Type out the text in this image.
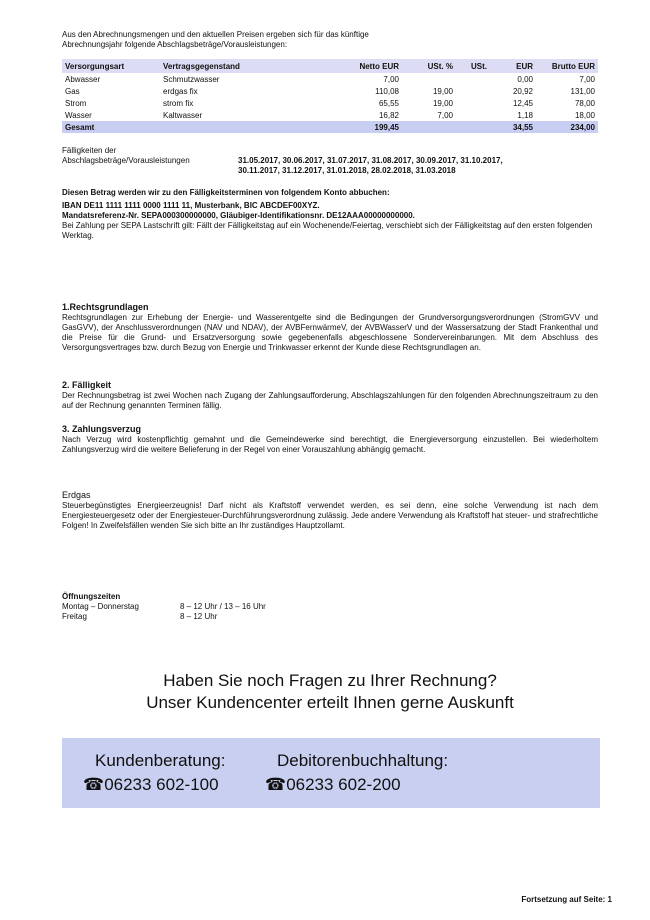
Aus den Abrechnungsmengen und den aktuellen Preisen ergeben sich für das künftige
Abrechnungsjahr folgende Abschlagsbeträge/Vorausleistungen:
Versorgungsart	Vertragsgegenstand	Netto EUR	USt. %	USt.	EUR	Brutto EUR
Abwasser	Schmutzwasser	7,00			0,00	7,00
Gas	erdgas fix	110,08	19,00		20,92	131,00
Strom	strom fix	65,55	19,00		12,45	78,00
Wasser	Kaltwasser	16,82	7,00		1,18	18,00
Gesamt		199,45			34,55	234,00
Fälligkeiten der
Abschlagsbeträge/Vorausleistungen	31.05.2017, 30.06.2017, 31.07.2017, 31.08.2017, 30.09.2017, 31.10.2017,
30.11.2017, 31.12.2017, 31.01.2018, 28.02.2018, 31.03.2018
Diesen Betrag werden wir zu den Fälligkeitsterminen von folgendem Konto abbuchen:
IBAN DE11 1111 1111 0000 1111 11, Musterbank, BIC ABCDEF00XYZ.
Mandatsreferenz-Nr. SEPA000300000000, Gläubiger-Identifikationsnr. DE12AAA00000000000.
Bei Zahlung per SEPA Lastschrift gilt: Fällt der Fälligkeitstag auf ein Wochenende/Feiertag, verschiebt sich der Fälligkeitstag auf den ersten folgenden Werktag.
1.Rechtsgrundlagen
Rechtsgrundlagen zur Erhebung der Energie- und Wasserentgelte sind die Bedingungen der Grundversorgungsverordnungen (StromGVV und GasGVV), der Anschlussverordnungen (NAV und NDAV), der AVBFernwärmeV, der AVBWasserV und der Wassersatzung der Stadt Frankenthal und die Preise für die Grund- und Ersatzversorgung sowie gegebenenfalls abgeschlossene Sondervereinbarungen. Mit dem Abschluss des Versorgungsvertrages bzw. durch Bezug von Energie und Trinkwasser erkennt der Kunde diese Rechtsgrundlagen an.
2. Fälligkeit
Der Rechnungsbetrag ist zwei Wochen nach Zugang der Zahlungsaufforderung, Abschlagszahlungen für den folgenden Abrechnungszeitraum zu den auf der Rechnung genannten Terminen fällig.
3. Zahlungsverzug
Nach Verzug wird kostenpflichtig gemahnt und die Gemeindewerke sind berechtigt, die Energieversorgung einzustellen. Bei wiederholtem Zahlungsverzug wird die weitere Belieferung in der Regel von einer Vorauszahlung abhängig gemacht.
Erdgas
Steuerbegünstigtes Energieerzeugnis! Darf nicht als Kraftstoff verwendet werden, es sei denn, eine solche Verwendung ist nach dem Energiesteuergesetz oder der Energiesteuer-Durchführungsverordnung zulässig. Jede andere Verwendung als Kraftstoff hat steuer- und strafrechtliche Folgen! In Zweifelsfällen wenden Sie sich bitte an Ihr zuständiges Hauptzollamt.
Öffnungszeiten
Montag – Donnerstag	8 – 12 Uhr / 13 – 16 Uhr
Freitag	8 – 12 Uhr
Haben Sie noch Fragen zu Ihrer Rechnung?
Unser Kundencenter erteilt Ihnen gerne Auskunft
Kundenberatung:
☎06233 602-100
Debitorenbuchhaltung:
☎06233 602-200
Fortsetzung auf Seite: 1
